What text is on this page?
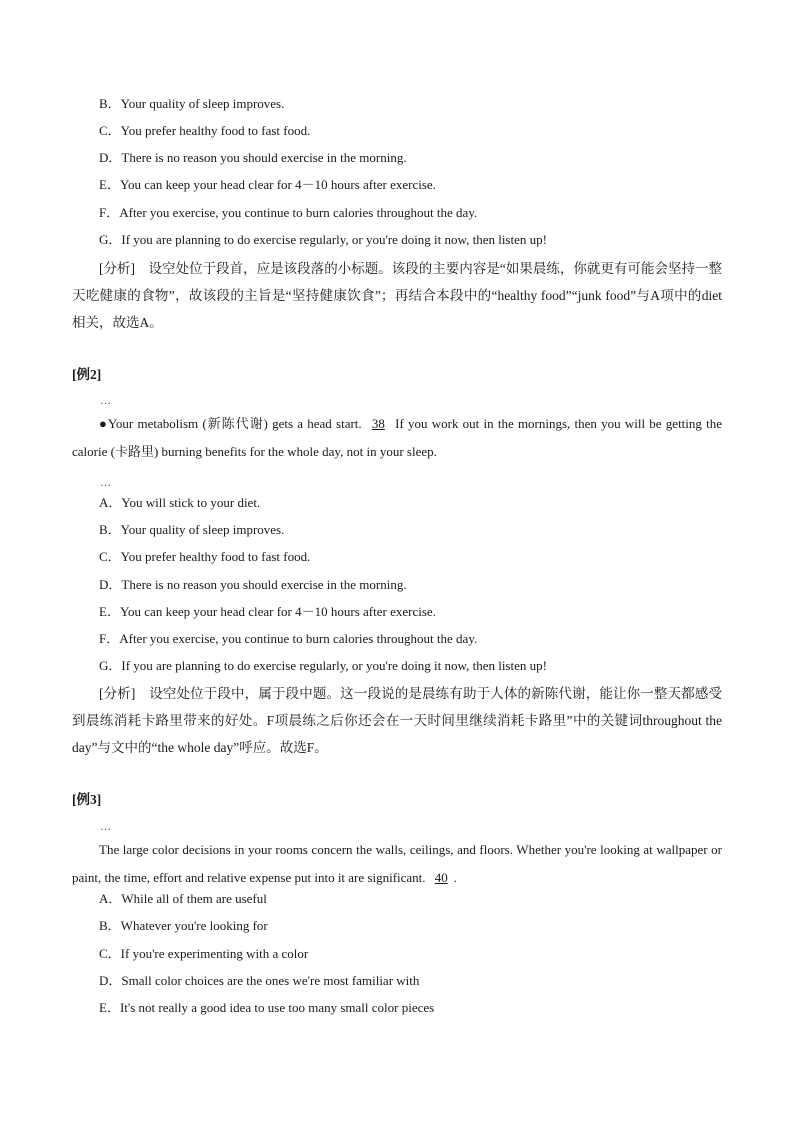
B．Your quality of sleep improves.
C．You prefer healthy food to fast food.
D．There is no reason you should exercise in the morning.
E．You can keep your head clear for 4－10 hours after exercise.
F．After you exercise, you continue to burn calories throughout the day.
G．If you are planning to do exercise regularly, or you're doing it now, then listen up!

[分析]　设空处位于段首，应是该段落的小标题。该段的主要内容是“如果晨练，你就更有可能会坚持一整天吃健康的食物”，故该段的主旨是“坚持健康饮食”；再结合本段中的“healthy food”“junk food”与A项中的diet相关，故选A。

[例2]
…

●Your metabolism (新陈代谢) gets a head start. 38 If you work out in the mornings, then you will be getting the calorie (卡路里) burning benefits for the whole day, not in your sleep.

…
A．You will stick to your diet.
B．Your quality of sleep improves.
C．You prefer healthy food to fast food.
D．There is no reason you should exercise in the morning.
E．You can keep your head clear for 4－10 hours after exercise.
F．After you exercise, you continue to burn calories throughout the day.
G．If you are planning to do exercise regularly, or you're doing it now, then listen up!

[分析]　设空处位于段中，属于段中题。这一段说的是晨练有助于人体的新陈代谢，能让你一整天都感受到晨练消耗卡路里带来的好处。F项晨练之后你还会在一天时间里继续消耗卡路里”中的关键词throughout the day”与文中的“the whole day”呼应。故选F。

[例3]
…

The large color decisions in your rooms concern the walls, ceilings, and floors. Whether you're looking at wallpaper or paint, the time, effort and relative expense put into it are significant. 40 .

A．While all of them are useful
B．Whatever you're looking for
C．If you're experimenting with a color
D．Small color choices are the ones we're most familiar with
E．It's not really a good idea to use too many small color pieces
